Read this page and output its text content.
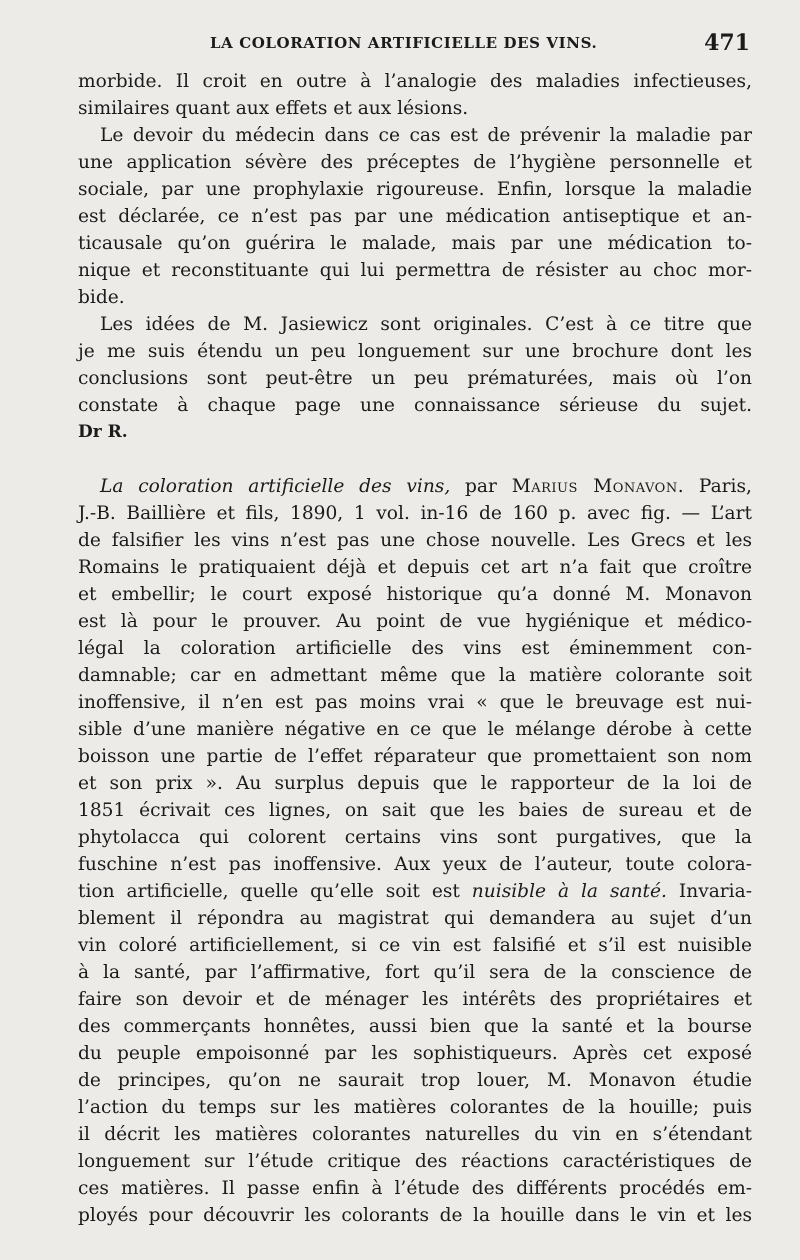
LA COLORATION ARTIFICIELLE DES VINS.	471
morbide. Il croit en outre à l’analogie des maladies infectieuses,
similaires quant aux effets et aux lésions.
Le devoir du médecin dans ce cas est de prévenir la maladie par
une application sévère des préceptes de l’hygiène personnelle et
sociale, par une prophylaxie rigoureuse. Enfin, lorsque la maladie
est déclarée, ce n’est pas par une médication antiseptique et an-
ticausale qu’on guérira le malade, mais par une médication to-
nique et reconstituante qui lui permettra de résister au choc mor-
bide.
Les idées de M. Jasiewicz sont originales. C’est à ce titre que
je me suis étendu un peu longuement sur une brochure dont les
conclusions sont peut-être un peu prématurées, mais où l’on
constate à chaque page une connaissance sérieuse du sujet.
Dr R.
La coloration artificielle des vins, par Marius Monavon. Paris,
J.-B. Baillière et fils, 1890, 1 vol. in-16 de 160 p. avec fig. — L’art
de falsifier les vins n’est pas une chose nouvelle. Les Grecs et les
Romains le pratiquaient déjà et depuis cet art n’a fait que croître
et embellir; le court exposé historique qu’a donné M. Monavon
est là pour le prouver. Au point de vue hygiénique et médico-
légal la coloration artificielle des vins est éminemment con-
damnable; car en admettant même que la matière colorante soit
inoffensive, il n’en est pas moins vrai « que le breuvage est nui-
sible d’une manière négative en ce que le mélange dérobe à cette
boisson une partie de l’effet réparateur que promettaient son nom
et son prix ». Au surplus depuis que le rapporteur de la loi de
1851 écrivait ces lignes, on sait que les baies de sureau et de
phytolacca qui colorent certains vins sont purgatives, que la
fuschine n’est pas inoffensive. Aux yeux de l’auteur, toute colora-
tion artificielle, quelle qu’elle soit est nuisible à la santé. Invaria-
blement il répondra au magistrat qui demandera au sujet d’un
vin coloré artificiellement, si ce vin est falsifié et s’il est nuisible
à la santé, par l’affirmative, fort qu’il sera de la conscience de
faire son devoir et de ménager les intérêts des propriétaires et
des commerçants honnêtes, aussi bien que la santé et la bourse
du peuple empoisonné par les sophistiqueurs. Après cet exposé
de principes, qu’on ne saurait trop louer, M. Monavon étudie
l’action du temps sur les matières colorantes de la houille; puis
il décrit les matières colorantes naturelles du vin en s’étendant
longuement sur l’étude critique des réactions caractéristiques de
ces matières. Il passe enfin à l’étude des différents procédés em-
ployés pour découvrir les colorants de la houille dans le vin et les
